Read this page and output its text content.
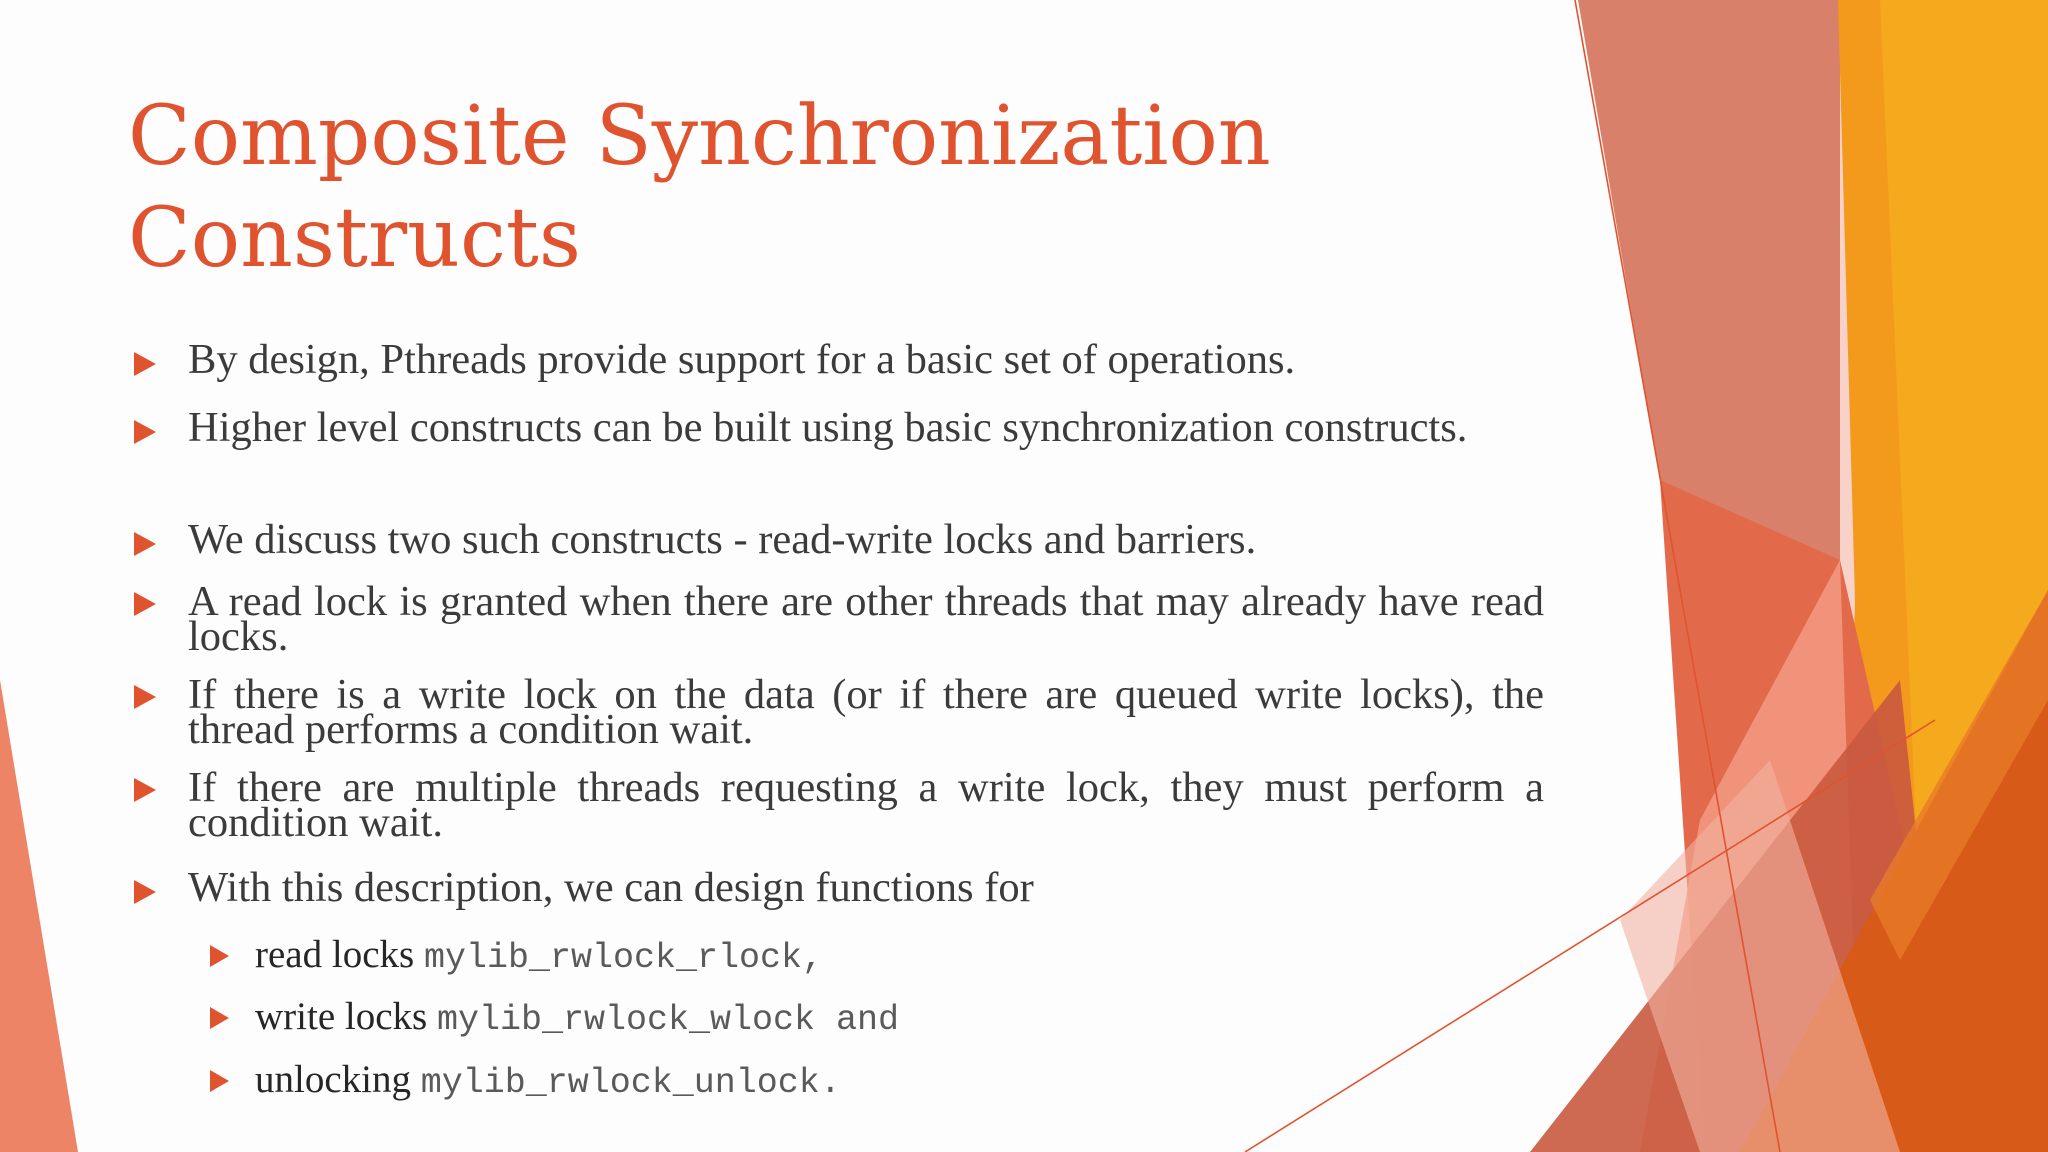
Composite Synchronization
Constructs
By design, Pthreads provide support for a basic set of operations.
Higher level constructs can be built using basic synchronization constructs.
We discuss two such constructs - read-write locks and barriers.
A read lock is granted when there are other threads that may already have read locks.
If there is a write lock on the data (or if there are queued write locks), the thread performs a condition wait.
If there are multiple threads requesting a write lock, they must perform a condition wait.
With this description, we can design functions for
read locks mylib_rwlock_rlock,
write locks mylib_rwlock_wlock and
unlocking mylib_rwlock_unlock.
